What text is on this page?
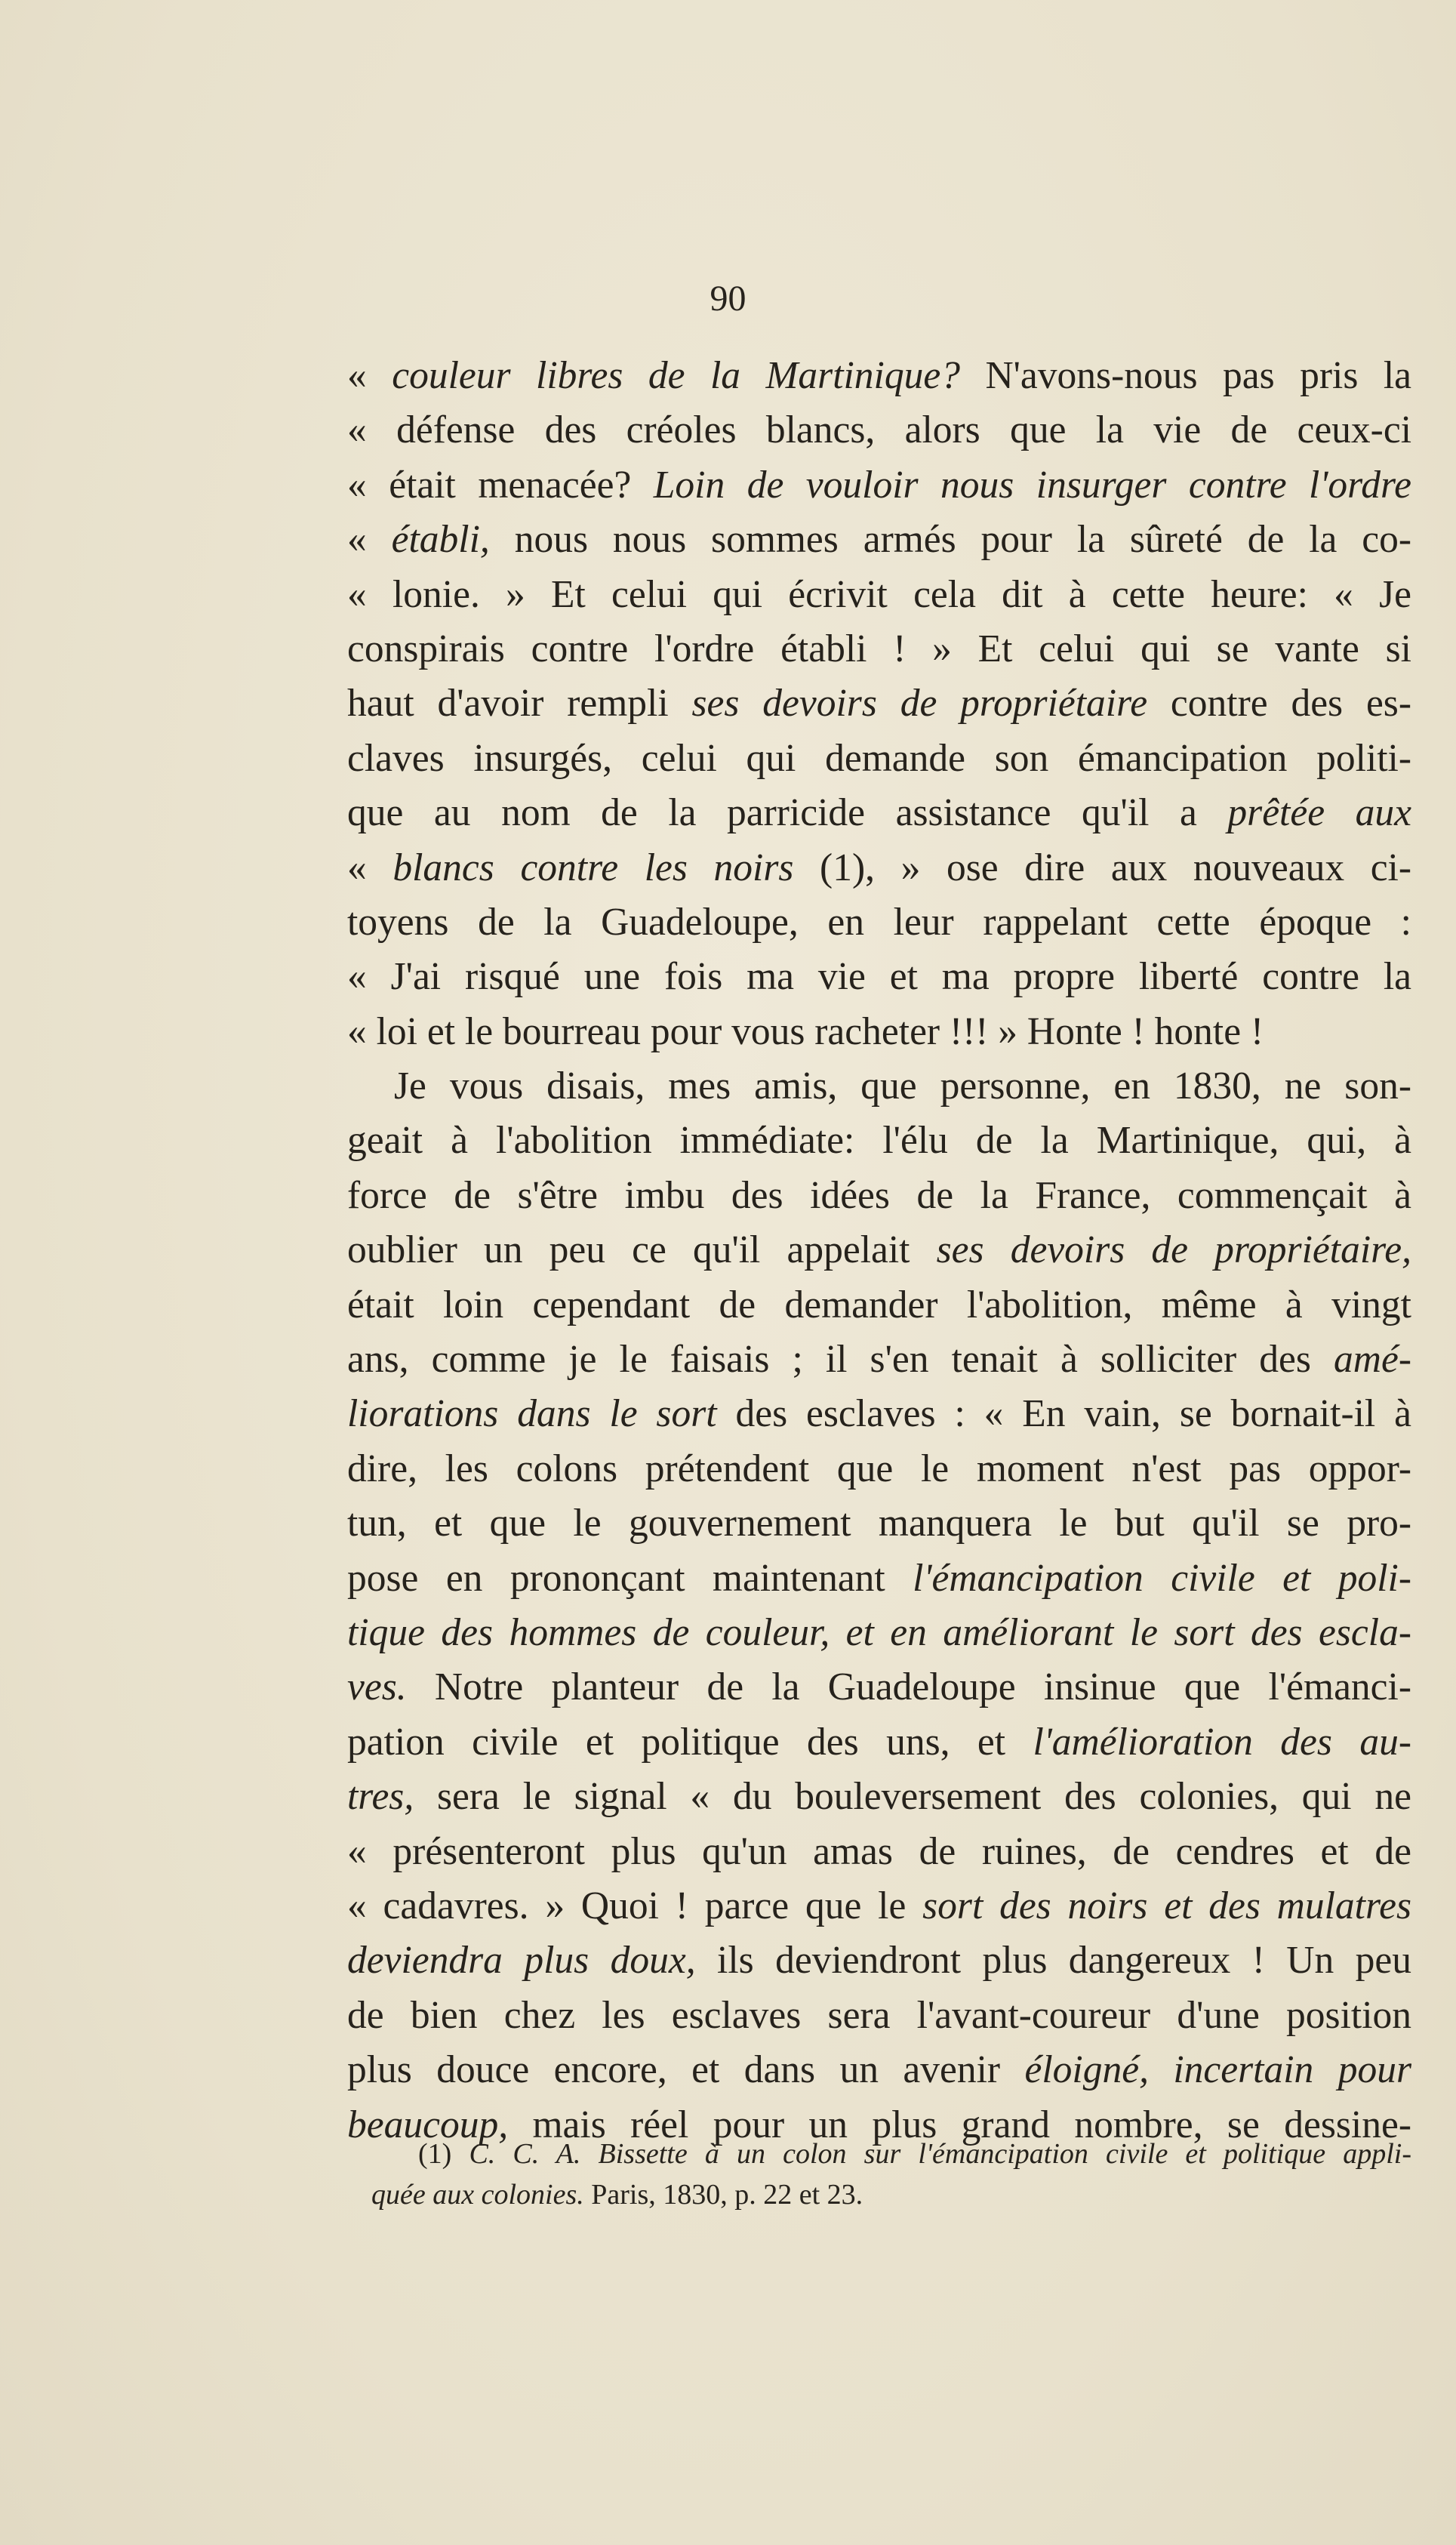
90
« couleur libres de la Martinique? N'avons-nous pas pris la
« défense des créoles blancs, alors que la vie de ceux-ci
« était menacée? Loin de vouloir nous insurger contre l'ordre
« établi, nous nous sommes armés pour la sûreté de la co-
« lonie. » Et celui qui écrivit cela dit à cette heure: « Je
conspirais contre l'ordre établi ! » Et celui qui se vante si
haut d'avoir rempli ses devoirs de propriétaire contre des es-
claves insurgés, celui qui demande son émancipation politi-
que au nom de la parricide assistance qu'il a prêtée aux
« blancs contre les noirs (1), » ose dire aux nouveaux ci-
toyens de la Guadeloupe, en leur rappelant cette époque :
« J'ai risqué une fois ma vie et ma propre liberté contre la
« loi et le bourreau pour vous racheter !!! » Honte ! honte !
Je vous disais, mes amis, que personne, en 1830, ne son-
geait à l'abolition immédiate: l'élu de la Martinique, qui, à
force de s'être imbu des idées de la France, commençait à
oublier un peu ce qu'il appelait ses devoirs de propriétaire,
était loin cependant de demander l'abolition, même à vingt
ans, comme je le faisais ; il s'en tenait à solliciter des amé-
liorations dans le sort des esclaves : « En vain, se bornait-il à
dire, les colons prétendent que le moment n'est pas oppor-
tun, et que le gouvernement manquera le but qu'il se pro-
pose en prononçant maintenant l'émancipation civile et poli-
tique des hommes de couleur, et en améliorant le sort des escla-
ves. Notre planteur de la Guadeloupe insinue que l'émanci-
pation civile et politique des uns, et l'amélioration des au-
tres, sera le signal « du bouleversement des colonies, qui ne
« présenteront plus qu'un amas de ruines, de cendres et de
« cadavres. » Quoi ! parce que le sort des noirs et des mulatres
deviendra plus doux, ils deviendront plus dangereux ! Un peu
de bien chez les esclaves sera l'avant-coureur d'une position
plus douce encore, et dans un avenir éloigné, incertain pour
beaucoup, mais réel pour un plus grand nombre, se dessine-
(1) C. C. A. Bissette à un colon sur l'émancipation civile et politique appli-
quée aux colonies. Paris, 1830, p. 22 et 23.
